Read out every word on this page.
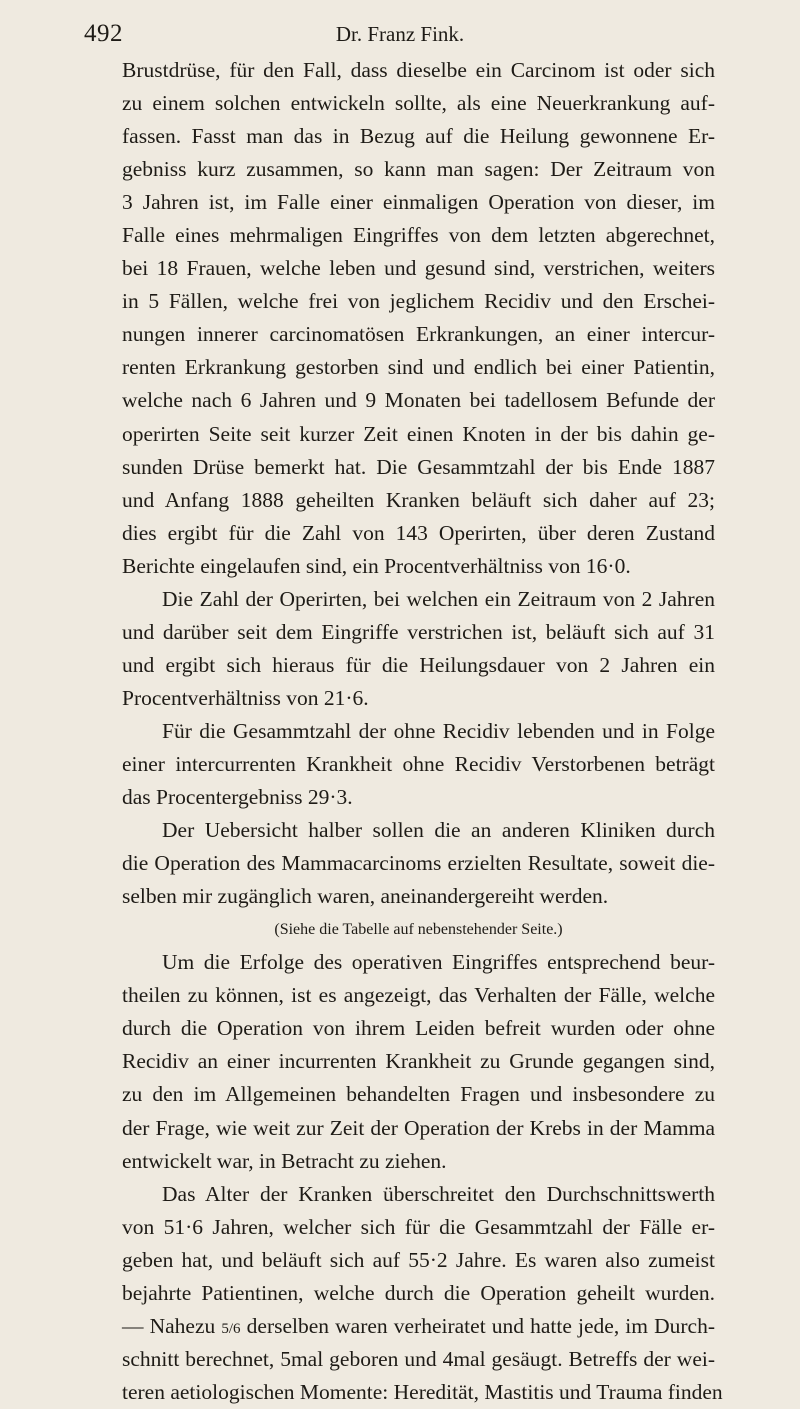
492	Dr. Franz Fink.
Brustdrüse, für den Fall, dass dieselbe ein Carcinom ist oder sich
zu einem solchen entwickeln sollte, als eine Neuerkrankung auf-
fassen. Fasst man das in Bezug auf die Heilung gewonnene Er-
gebniss kurz zusammen, so kann man sagen: Der Zeitraum von
3 Jahren ist, im Falle einer einmaligen Operation von dieser, im
Falle eines mehrmaligen Eingriffes von dem letzten abgerechnet,
bei 18 Frauen, welche leben und gesund sind, verstrichen, weiters
in 5 Fällen, welche frei von jeglichem Recidiv und den Erschei-
nungen innerer carcinomatösen Erkrankungen, an einer intercur-
renten Erkrankung gestorben sind und endlich bei einer Patientin,
welche nach 6 Jahren und 9 Monaten bei tadellosem Befunde der
operirten Seite seit kurzer Zeit einen Knoten in der bis dahin ge-
sunden Drüse bemerkt hat. Die Gesammtzahl der bis Ende 1887
und Anfang 1888 geheilten Kranken beläuft sich daher auf 23;
dies ergibt für die Zahl von 143 Operirten, über deren Zustand
Berichte eingelaufen sind, ein Procentverhältniss von 16·0.
Die Zahl der Operirten, bei welchen ein Zeitraum von 2 Jahren
und darüber seit dem Eingriffe verstrichen ist, beläuft sich auf 31
und ergibt sich hieraus für die Heilungsdauer von 2 Jahren ein
Procentverhältniss von 21·6.
Für die Gesammtzahl der ohne Recidiv lebenden und in Folge
einer intercurrenten Krankheit ohne Recidiv Verstorbenen beträgt
das Procentergebniss 29·3.
Der Uebersicht halber sollen die an anderen Kliniken durch
die Operation des Mammacarcinoms erzielten Resultate, soweit die-
selben mir zugänglich waren, aneinandergereiht werden.
(Siehe die Tabelle auf nebenstehender Seite.)
Um die Erfolge des operativen Eingriffes entsprechend beur-
theilen zu können, ist es angezeigt, das Verhalten der Fälle, welche
durch die Operation von ihrem Leiden befreit wurden oder ohne
Recidiv an einer incurrenten Krankheit zu Grunde gegangen sind,
zu den im Allgemeinen behandelten Fragen und insbesondere zu
der Frage, wie weit zur Zeit der Operation der Krebs in der Mamma
entwickelt war, in Betracht zu ziehen.
Das Alter der Kranken überschreitet den Durchschnittswerth
von 51·6 Jahren, welcher sich für die Gesammtzahl der Fälle er-
geben hat, und beläuft sich auf 55·2 Jahre. Es waren also zumeist
bejahrte Patientinen, welche durch die Operation geheilt wurden.
— Nahezu 5/6 derselben waren verheiratet und hatte jede, im Durch-
schnitt berechnet, 5mal geboren und 4mal gesäugt. Betreffs der wei-
teren aetiologischen Momente: Heredität, Mastitis und Trauma finden
